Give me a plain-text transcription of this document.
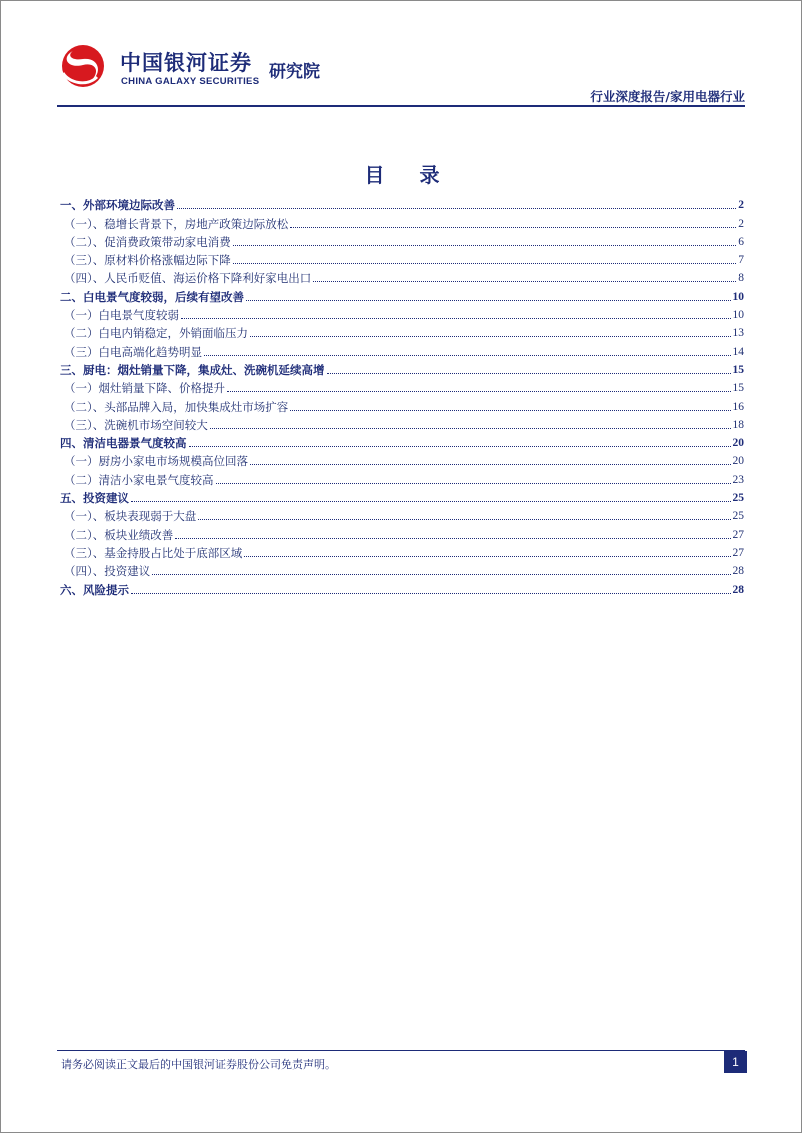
中国银河证券
CHINA GALAXY SECURITIES 研究院
行业深度报告/家用电器行业
目 录
一、外部环境边际改善	2
（一）、稳增长背景下，房地产政策边际放松	2
（二）、促消费政策带动家电消费	6
（三）、原材料价格涨幅边际下降	7
（四）、人民币贬值、海运价格下降利好家电出口	8
二、白电景气度较弱，后续有望改善	10
（一）白电景气度较弱	10
（二）白电内销稳定，外销面临压力	13
（三）白电高端化趋势明显	14
三、厨电：烟灶销量下降，集成灶、洗碗机延续高增	15
（一）烟灶销量下降、价格提升	15
（二）、头部品牌入局，加快集成灶市场扩容	16
（三）、洗碗机市场空间较大	18
四、清洁电器景气度较高	20
（一）厨房小家电市场规模高位回落	20
（二）清洁小家电景气度较高	23
五、投资建议	25
（一）、板块表现弱于大盘	25
（二）、板块业绩改善	27
（三）、基金持股占比处于底部区域	27
（四）、投资建议	28
六、风险提示	28
请务必阅读正文最后的中国银河证券股份公司免责声明。	1
